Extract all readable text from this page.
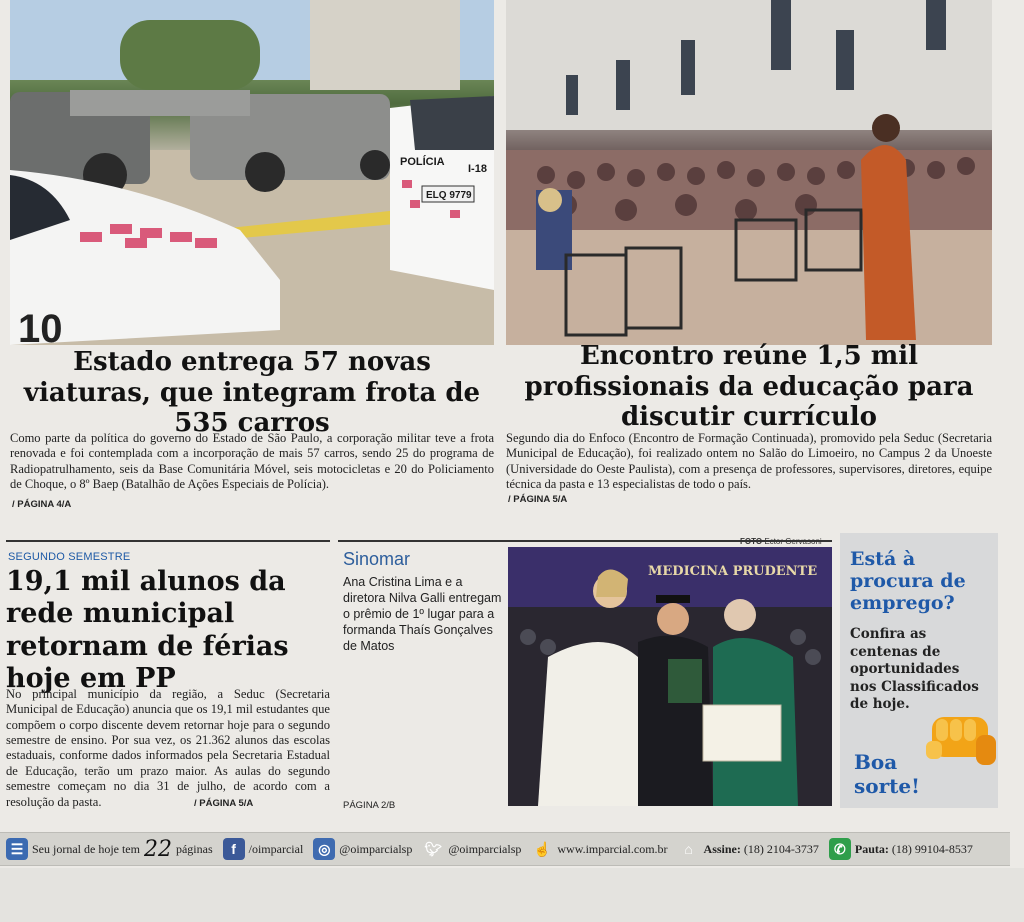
POLÍCIA
I-18
ELQ 9779
10
Estado entrega 57 novas viaturas, que integram frota de 535 carros

Como parte da política do governo do Estado de São Paulo, a corporação militar teve a frota renovada e foi contemplada com a incorporação de mais 57 carros, sendo 25 do programa de Radiopatrulhamento, seis da Base Comunitária Móvel, seis motocicletas e 20 do Policiamento de Choque, o 8º Baep (Batalhão de Ações Especiais de Polícia).

/ PÁGINA 4/A
Encontro reúne 1,5 mil profissionais da educação para discutir currículo

Segundo dia do Enfoco (Encontro de Formação Continuada), promovido pela Seduc (Secretaria Municipal de Educação), foi realizado ontem no Salão do Limoeiro, no Campus 2 da Unoeste (Universidade do Oeste Paulista), com a presença de professores, supervisores, diretores, equipe técnica da pasta e 13 especialistas de todo o país.

/ PÁGINA 5/A
SEGUNDO SEMESTRE
19,1 mil alunos da rede municipal retornam de férias hoje em PP

No principal município da região, a Seduc (Secretaria Municipal de Educação) anuncia que os 19,1 mil estudantes que compõem o corpo discente devem retornar hoje para o segundo semestre de ensino. Por sua vez, os 21.362 alunos das escolas estaduais, conforme dados informados pela Secretaria Estadual de Educação, terão um prazo maior. As aulas do segundo semestre começam no dia 31 de julho, de acordo com a resolução da pasta.	/ PÁGINA 5/A
Sinomar

Ana Cristina Lima e a diretora Nilva Galli entregam o prêmio de 1º lugar para a formanda Thaís Gonçalves de Matos

PÁGINA 2/B
FOTO Ector Gervasoni
MEDICINA PRUDENTE
Está à procura de emprego?
Confira as centenas de oportunidades nos Classificados de hoje.
Boa sorte!
☰ Seu jornal de hoje tem 22 páginas	f	/oimparcial	◎ @oimparcialsp 🐦︎ @oimparcialsp ☝ www.imparcial.com.br	⌂ Assine:
(18) 2104-3737	✆ Pauta:
(18) 99104-8537
